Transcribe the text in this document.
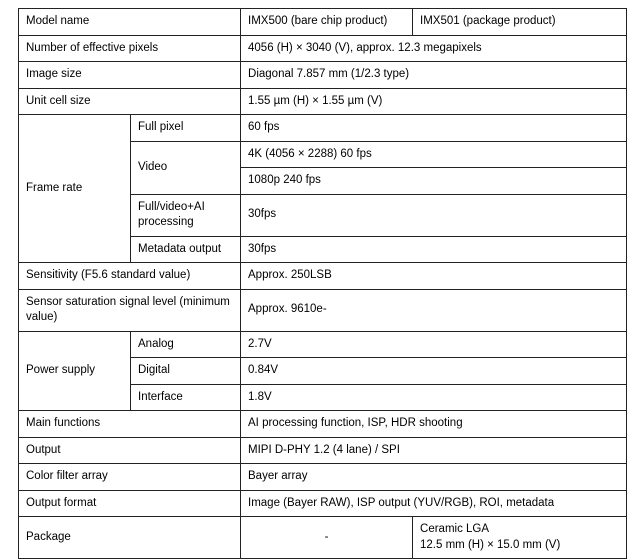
Model name		IMX500 (bare chip product)	IMX501 (package product)
Number of effective pixels		4056 (H) × 3040 (V), approx. 12.3 megapixels	
Image size		Diagonal 7.857 mm (1/2.3 type)	
Unit cell size		1.55 µm (H) × 1.55 µm (V)	
Frame rate	Full pixel	60 fps	
	Video	4K (4056 × 2288) 60 fps	
		1080p 240 fps	
	Full/video+AI processing	30fps	
	Metadata output	30fps	
Sensitivity (F5.6 standard value)		Approx. 250LSB	
Sensor saturation signal level (minimum value)		Approx. 9610e-	
Power supply	Analog	2.7V	
	Digital	0.84V	
	Interface	1.8V	
Main functions		AI processing function, ISP, HDR shooting	
Output		MIPI D-PHY 1.2 (4 lane) / SPI	
Color filter array		Bayer array	
Output format		Image (Bayer RAW), ISP output (YUV/RGB), ROI, metadata	
Package		-	Ceramic LGA
12.5 mm (H) × 15.0 mm (V)
